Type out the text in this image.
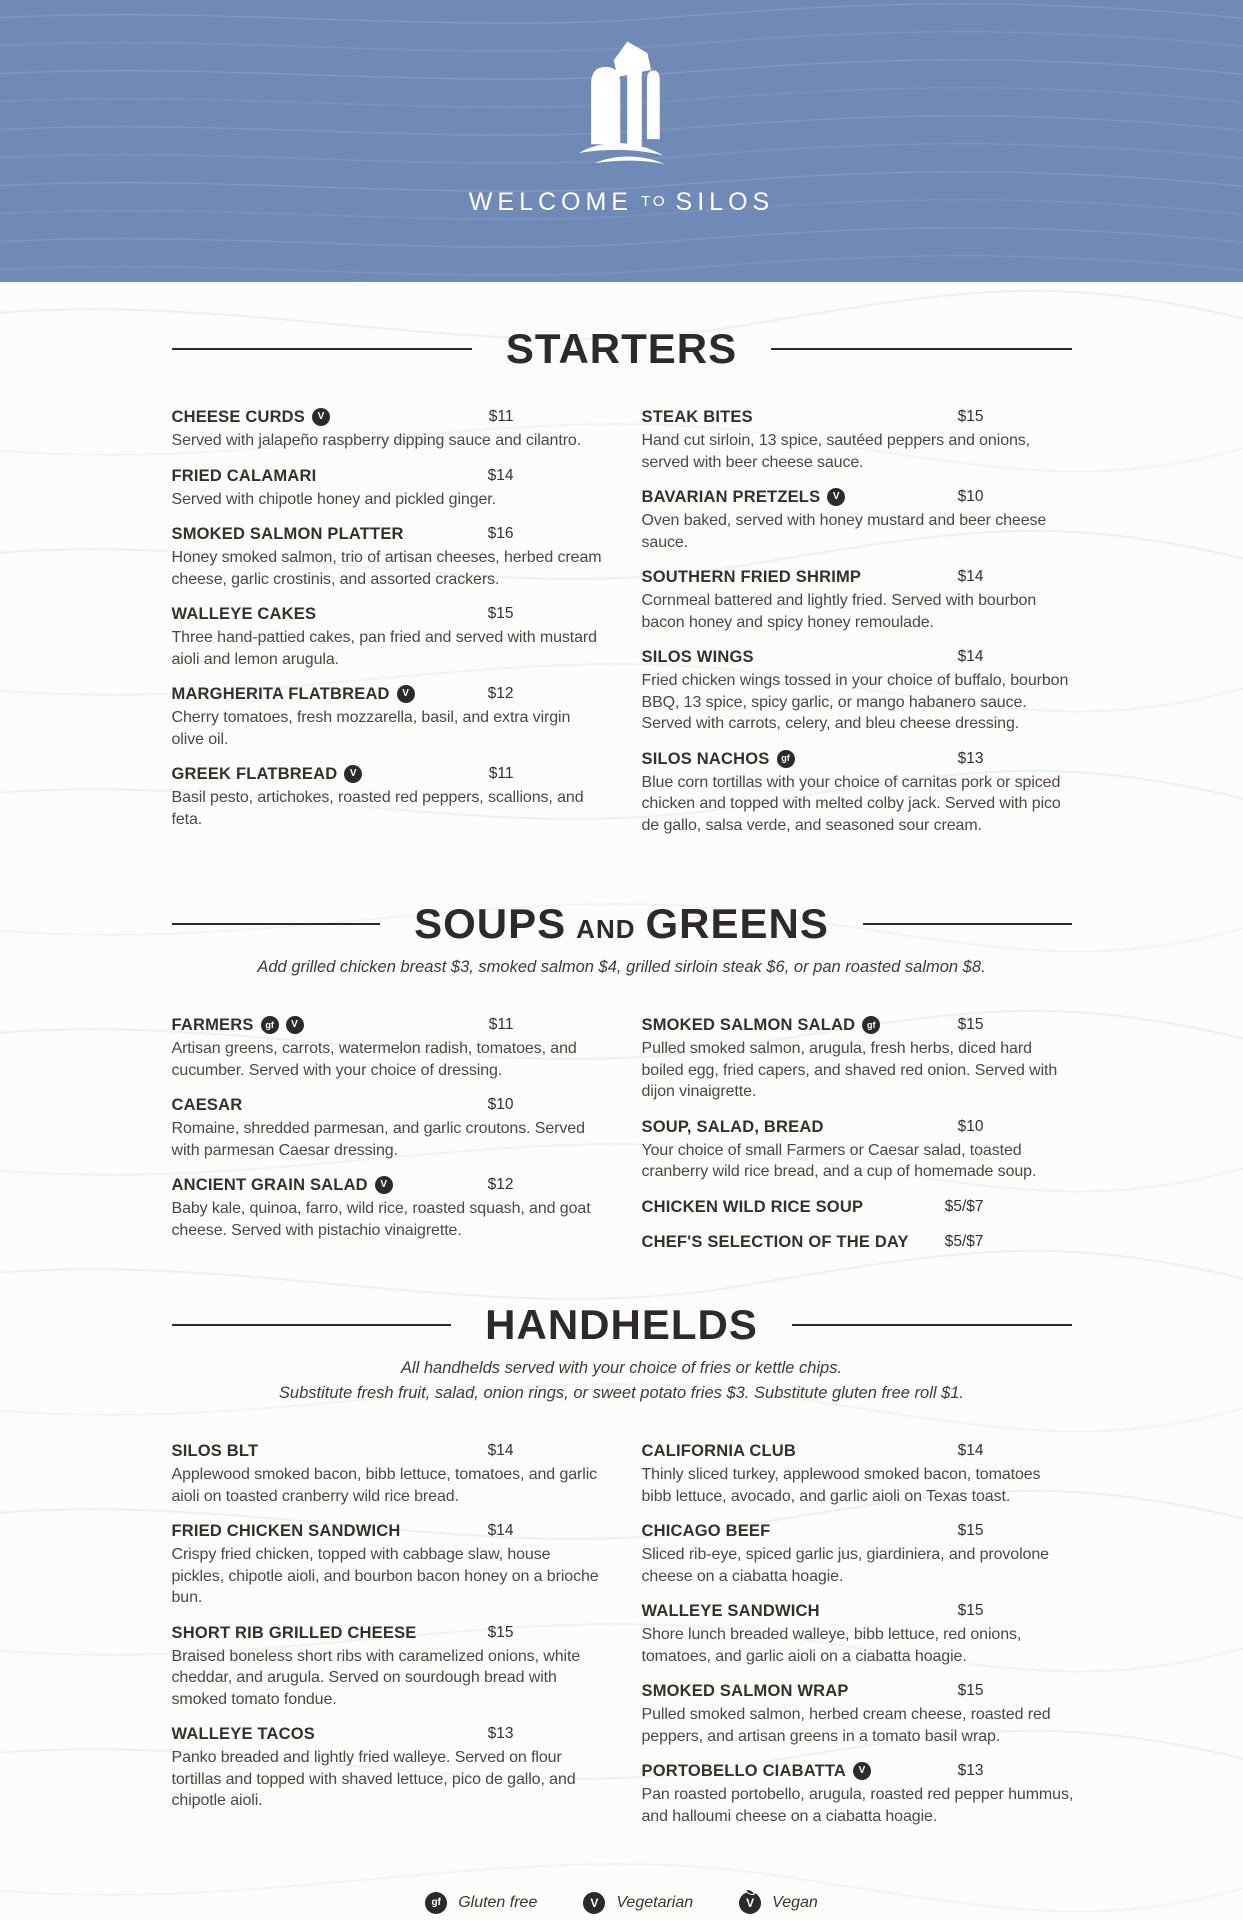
WELCOME TO SILOS
STARTERS
CHEESE CURDS	V	$11
Served with jalapeño raspberry dipping sauce and cilantro.
FRIED CALAMARI	$14
Served with chipotle honey and pickled ginger.
SMOKED SALMON PLATTER	$16
Honey smoked salmon, trio of artisan cheeses, herbed cream cheese, garlic crostinis, and assorted crackers.
WALLEYE CAKES	$15
Three hand-pattied cakes, pan fried and served with mustard aioli and lemon arugula.
MARGHERITA FLATBREAD	V	$12
Cherry tomatoes, fresh mozzarella, basil, and extra virgin olive oil.
GREEK FLATBREAD	V	$11
Basil pesto, artichokes, roasted red peppers, scallions, and feta.
STEAK BITES	$15
Hand cut sirloin, 13 spice, sautéed peppers and onions, served with beer cheese sauce.
BAVARIAN PRETZELS	V	$10
Oven baked, served with honey mustard and beer cheese sauce.
SOUTHERN FRIED SHRIMP	$14
Cornmeal battered and lightly fried. Served with bourbon bacon honey and spicy honey remoulade.
SILOS WINGS	$14
Fried chicken wings tossed in your choice of buffalo, bourbon BBQ, 13 spice, spicy garlic, or mango habanero sauce. Served with carrots, celery, and bleu cheese dressing.
SILOS NACHOS	gf	$13
Blue corn tortillas with your choice of carnitas pork or spiced chicken and topped with melted colby jack. Served with pico de gallo, salsa verde, and seasoned sour cream.
SOUPS AND GREENS
Add grilled chicken breast $3, smoked salmon $4, grilled sirloin steak $6, or pan roasted salmon $8.
FARMERS	gf	V	$11
Artisan greens, carrots, watermelon radish, tomatoes, and cucumber. Served with your choice of dressing.
CAESAR	$10
Romaine, shredded parmesan, and garlic croutons. Served with parmesan Caesar dressing.
ANCIENT GRAIN SALAD	V	$12
Baby kale, quinoa, farro, wild rice, roasted squash, and goat cheese. Served with pistachio vinaigrette.
SMOKED SALMON SALAD	gf	$15
Pulled smoked salmon, arugula, fresh herbs, diced hard boiled egg, fried capers, and shaved red onion. Served with dijon vinaigrette.
SOUP, SALAD, BREAD	$10
Your choice of small Farmers or Caesar salad, toasted cranberry wild rice bread, and a cup of homemade soup.
CHICKEN WILD RICE SOUP	$5/$7
CHEF'S SELECTION OF THE DAY $5/$7
HANDHELDS
All handhelds served with your choice of fries or kettle chips.
Substitute fresh fruit, salad, onion rings, or sweet potato fries $3. Substitute gluten free roll $1.
SILOS BLT	$14
Applewood smoked bacon, bibb lettuce, tomatoes, and garlic aioli on toasted cranberry wild rice bread.
FRIED CHICKEN SANDWICH	$14
Crispy fried chicken, topped with cabbage slaw, house pickles, chipotle aioli, and bourbon bacon honey on a brioche bun.
SHORT RIB GRILLED CHEESE	$15
Braised boneless short ribs with caramelized onions, white cheddar, and arugula. Served on sourdough bread with smoked tomato fondue.
WALLEYE TACOS	$13
Panko breaded and lightly fried walleye. Served on flour tortillas and topped with shaved lettuce, pico de gallo, and chipotle aioli.
CALIFORNIA CLUB	$14
Thinly sliced turkey, applewood smoked bacon, tomatoes bibb lettuce, avocado, and garlic aioli on Texas toast.
CHICAGO BEEF	$15
Sliced rib-eye, spiced garlic jus, giardiniera, and provolone cheese on a ciabatta hoagie.
WALLEYE SANDWICH	$15
Shore lunch breaded walleye, bibb lettuce, red onions, tomatoes, and garlic aioli on a ciabatta hoagie.
SMOKED SALMON WRAP	$15
Pulled smoked salmon, herbed cream cheese, roasted red peppers, and artisan greens in a tomato basil wrap.
PORTOBELLO CIABATTA	V	$13
Pan roasted portobello, arugula, roasted red pepper hummus, and halloumi cheese on a ciabatta hoagie.
gf	Gluten free	V	Vegetarian	V	Vegan
